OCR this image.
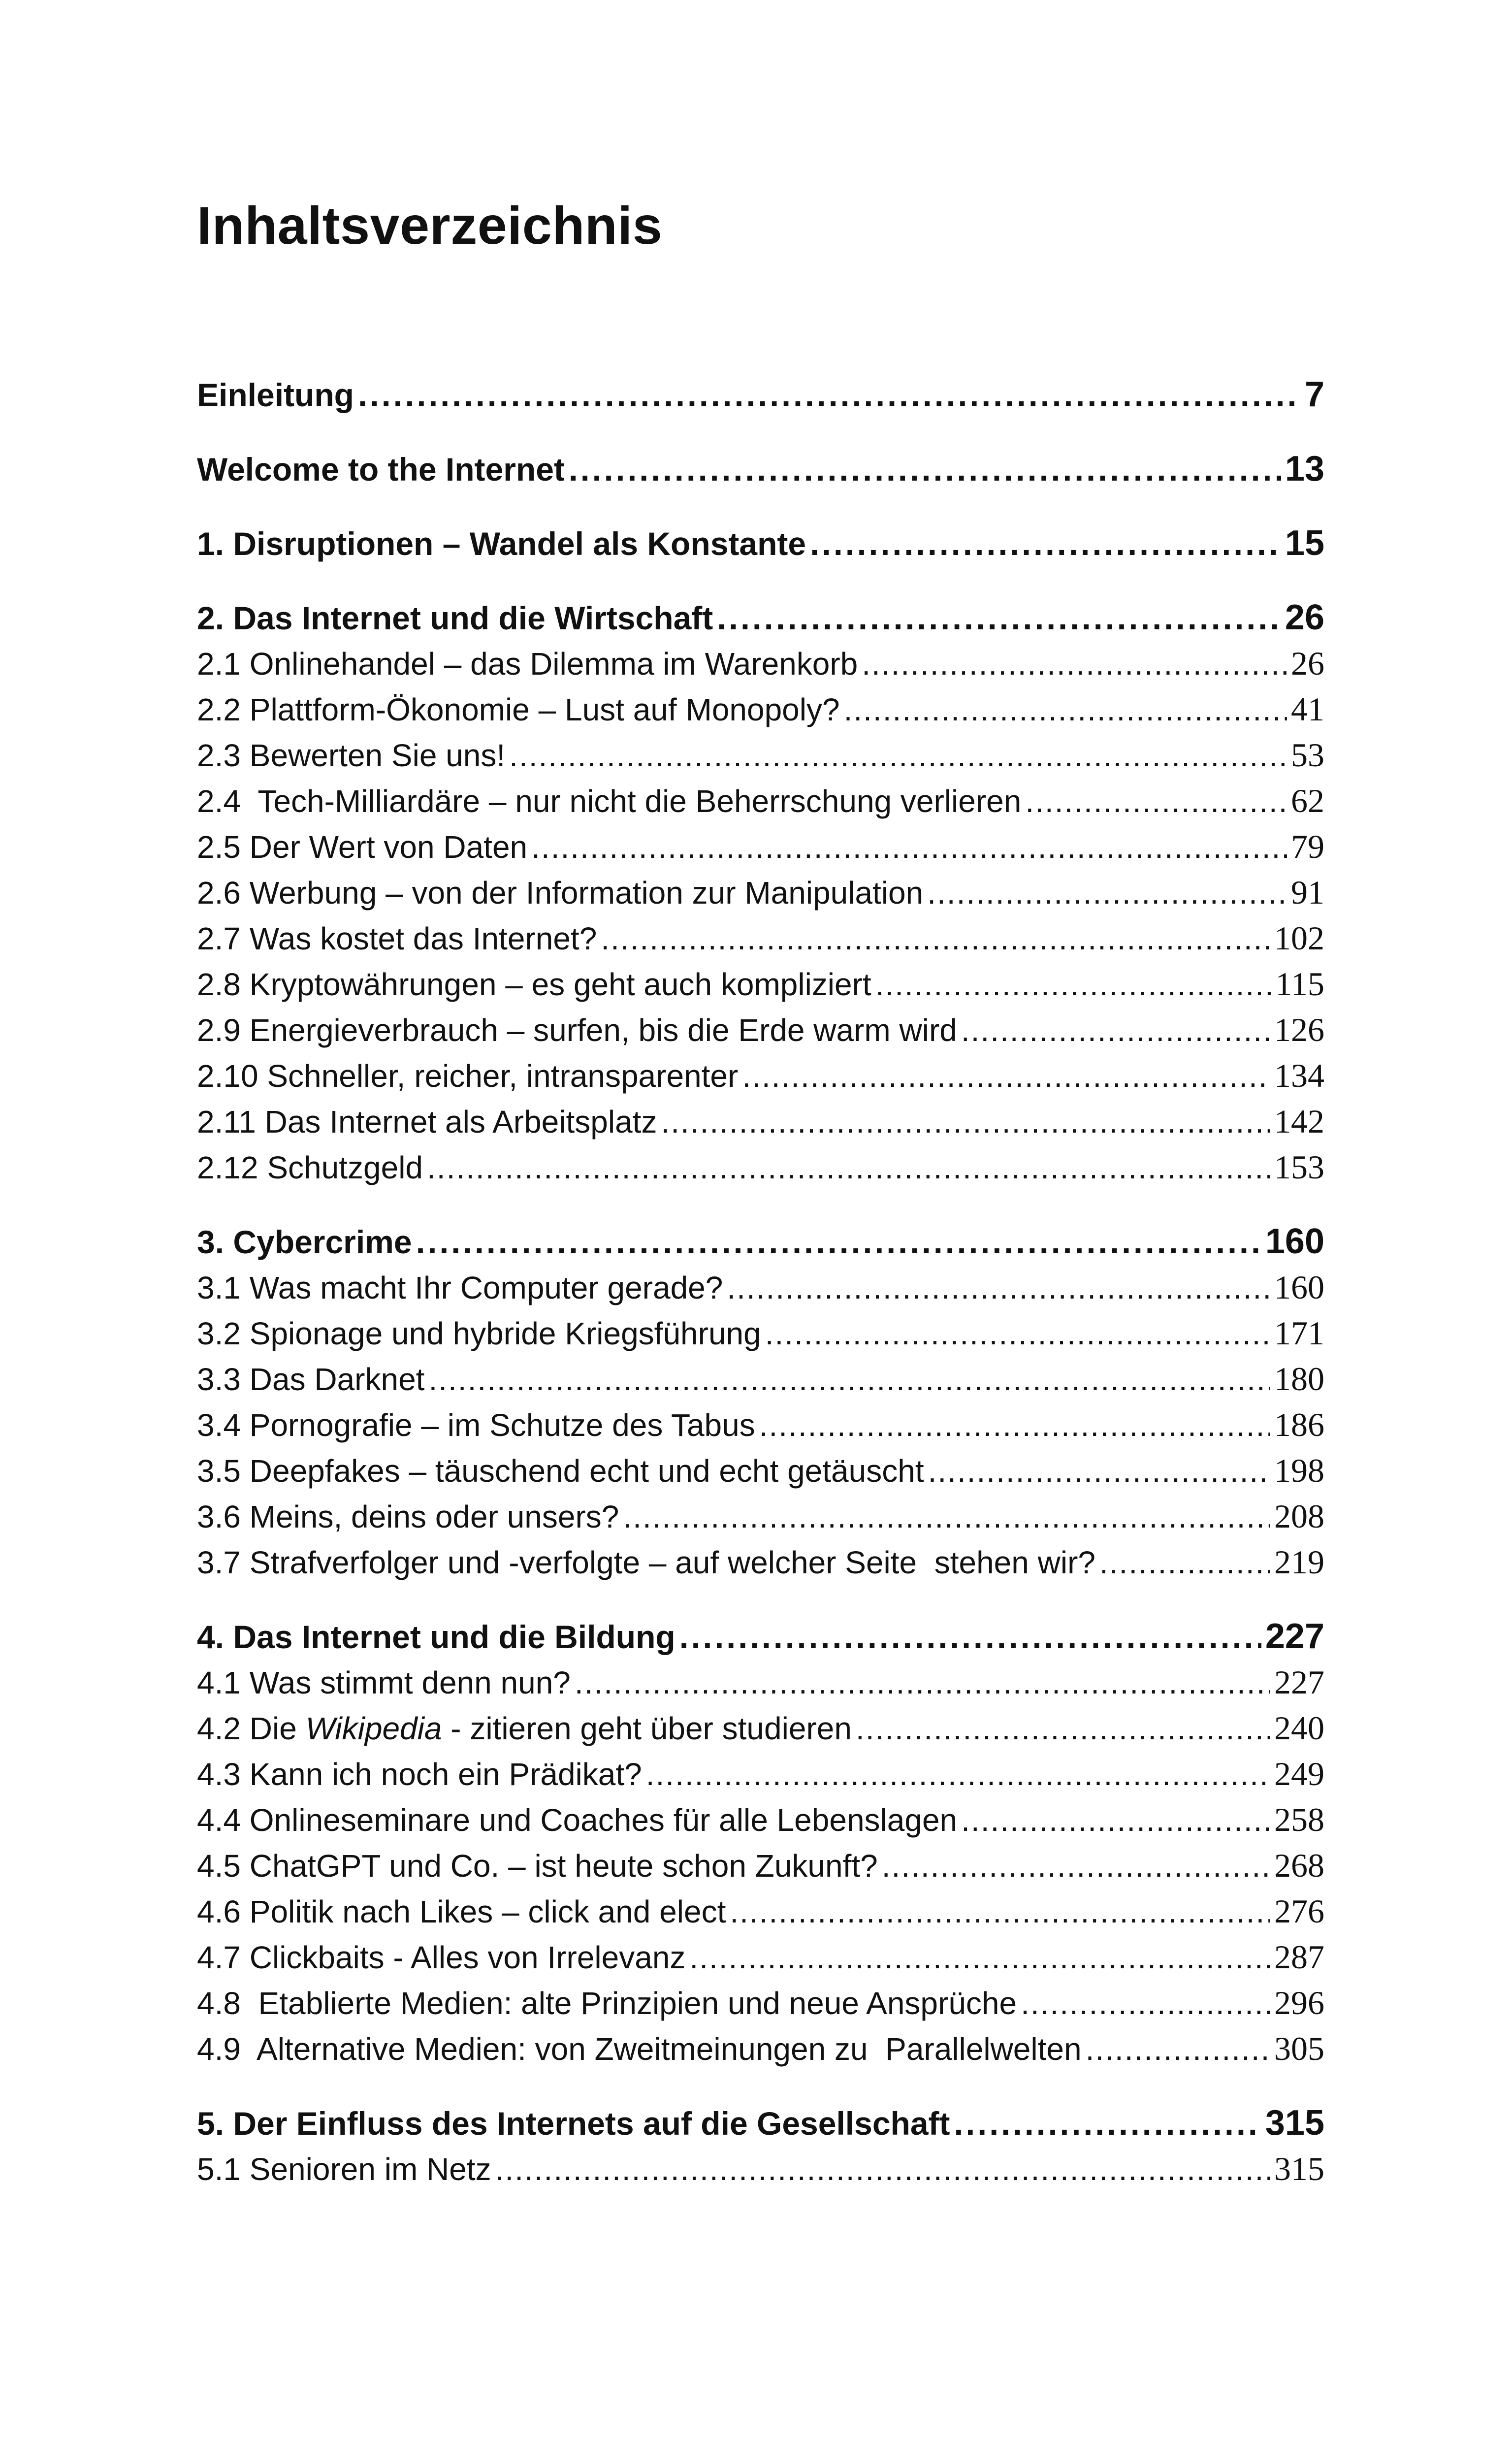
Inhaltsverzeichnis
Einleitung .....	7
Welcome to the Internet .....	13
1. Disruptionen – Wandel als Konstante .....	15
2. Das Internet und die Wirtschaft .....	26
2.1 Onlinehandel – das Dilemma im Warenkorb .....	26
2.2 Plattform-Ökonomie – Lust auf Monopoly? .....	41
2.3 Bewerten Sie uns! .....	53
2.4  Tech-Milliardäre – nur nicht die Beherrschung verlieren .....	62
2.5 Der Wert von Daten .....	79
2.6 Werbung – von der Information zur Manipulation .....	91
2.7 Was kostet das Internet? .....	102
2.8 Kryptowährungen – es geht auch kompliziert .....	115
2.9 Energieverbrauch – surfen, bis die Erde warm wird .....	126
2.10 Schneller, reicher, intransparenter .....	134
2.11 Das Internet als Arbeitsplatz .....	142
2.12 Schutzgeld .....	153
3. Cybercrime .....	160
3.1 Was macht Ihr Computer gerade? .....	160
3.2 Spionage und hybride Kriegsführung .....	171
3.3 Das Darknet .....	180
3.4 Pornografie – im Schutze des Tabus .....	186
3.5 Deepfakes – täuschend echt und echt getäuscht .....	198
3.6 Meins, deins oder unsers? .....	208
3.7 Strafverfolger und -verfolgte – auf welcher Seite  stehen wir? .....	219
4. Das Internet und die Bildung .....	227
4.1 Was stimmt denn nun? .....	227
4.2 Die Wikipedia - zitieren geht über studieren .....	240
4.3 Kann ich noch ein Prädikat? .....	249
4.4 Onlineseminare und Coaches für alle Lebenslagen .....	258
4.5 ChatGPT und Co. – ist heute schon Zukunft? .....	268
4.6 Politik nach Likes – click and elect .....	276
4.7 Clickbaits - Alles von Irrelevanz .....	287
4.8  Etablierte Medien: alte Prinzipien und neue Ansprüche .....	296
4.9  Alternative Medien: von Zweitmeinungen zu  Parallelwelten .....	305
5. Der Einfluss des Internets auf die Gesellschaft .....	315
5.1 Senioren im Netz .....	315
